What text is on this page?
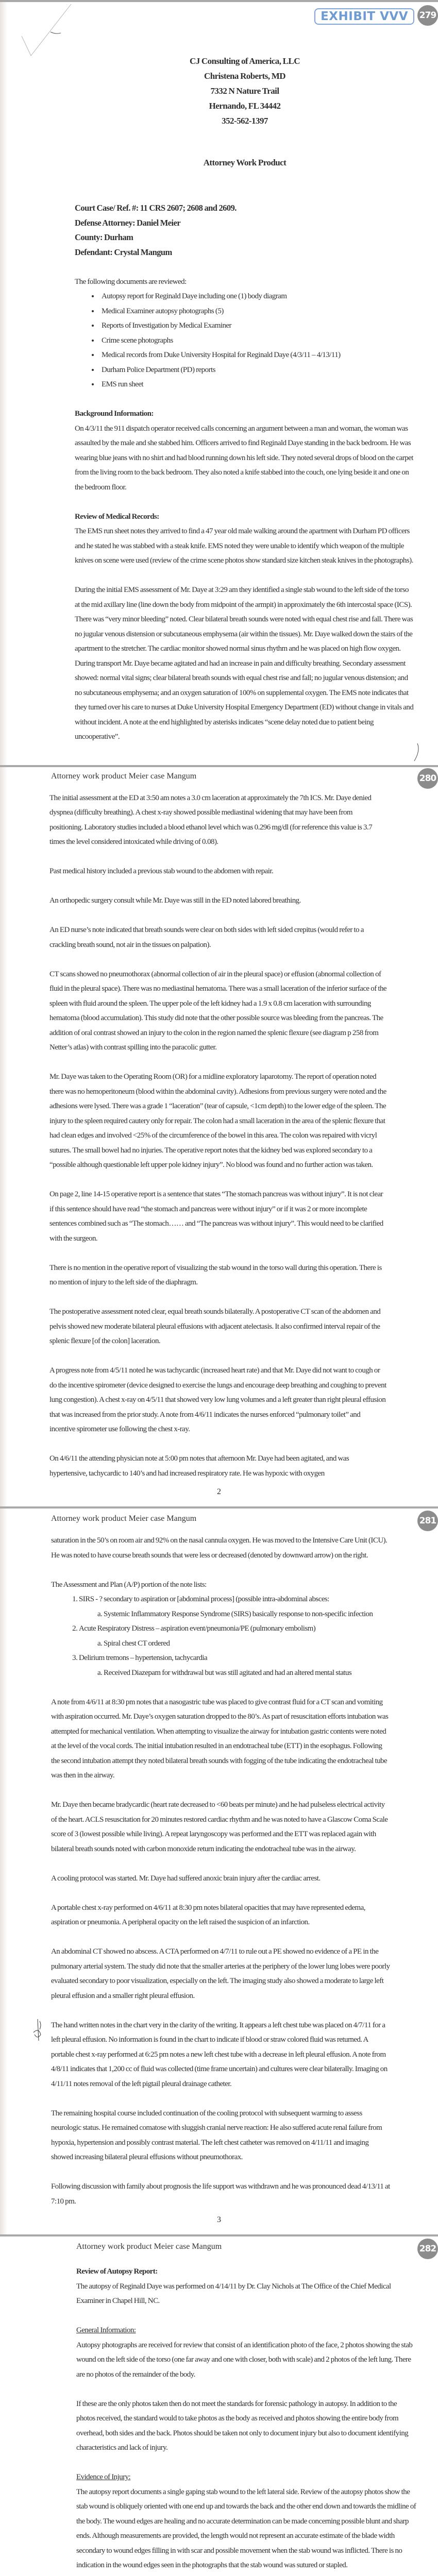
EXHIBIT VVV	279
CJ Consulting of America, LLC
Christena Roberts, MD
7332 N Nature Trail
Hernando, FL 34442
352-562-1397
Attorney Work Product
Court Case/ Ref. #: 11 CRS 2607; 2608 and 2609.
Defense Attorney: Daniel Meier
County: Durham
Defendant: Crystal Mangum
The following documents are reviewed:
• Autopsy report for Reginald Daye including one (1) body diagram
• Medical Examiner autopsy photographs (5)
• Reports of Investigation by Medical Examiner
• Crime scene photographs
• Medical records from Duke University Hospital for Reginald Daye (4/3/11 – 4/13/11)
• Durham Police Department (PD) reports
• EMS run sheet
Background Information:

On 4/3/11 the 911 dispatch operator received calls concerning an argument between a man and woman, the woman was assaulted by the male and she stabbed him. Officers arrived to find Reginald Daye standing in the back bedroom. He was wearing blue jeans with no shirt and had blood running down his left side. They noted several drops of blood on the carpet from the living room to the back bedroom. They also noted a knife stabbed into the couch, one lying beside it and one on the bedroom floor.

Review of Medical Records:

The EMS run sheet notes they arrived to find a 47 year old male walking around the apartment with Durham PD officers and he stated he was stabbed with a steak knife. EMS noted they were unable to identify which weapon of the multiple knives on scene were used (review of the crime scene photos show standard size kitchen steak knives in the photographs).

During the initial EMS assessment of Mr. Daye at 3:29 am they identified a single stab wound to the left side of the torso at the mid axillary line (line down the body from midpoint of the armpit) in approximately the 6th intercostal space (ICS). There was “very minor bleeding” noted. Clear bilateral breath sounds were noted with equal chest rise and fall. There was no jugular venous distension or subcutaneous emphysema (air within the tissues). Mr. Daye walked down the stairs of the apartment to the stretcher. The cardiac monitor showed normal sinus rhythm and he was placed on high flow oxygen. During transport Mr. Daye became agitated and had an increase in pain and difficulty breathing. Secondary assessment showed: normal vital signs; clear bilateral breath sounds with equal chest rise and fall; no jugular venous distension; and no subcutaneous emphysema; and an oxygen saturation of 100% on supplemental oxygen. The EMS note indicates that they turned over his care to nurses at Duke University Hospital Emergency Department (ED) without change in vitals and without incident. A note at the end highlighted by asterisks indicates “scene delay noted due to patient being uncooperative”.

280
Attorney work product Meier case Mangum

The initial assessment at the ED at 3:50 am notes a 3.0 cm laceration at approximately the 7th ICS. Mr. Daye denied dyspnea (difficulty breathing). A chest x-ray showed possible mediastinal widening that may have been from positioning. Laboratory studies included a blood ethanol level which was 0.296 mg/dl (for reference this value is 3.7 times the level considered intoxicated while driving of 0.08).

Past medical history included a previous stab wound to the abdomen with repair.

An orthopedic surgery consult while Mr. Daye was still in the ED noted labored breathing.

An ED nurse’s note indicated that breath sounds were clear on both sides with left sided crepitus (would refer to a crackling breath sound, not air in the tissues on palpation).

CT scans showed no pneumothorax (abnormal collection of air in the pleural space) or effusion (abnormal collection of fluid in the pleural space). There was no mediastinal hematoma. There was a small laceration of the inferior surface of the spleen with fluid around the spleen. The upper pole of the left kidney had a 1.9 x 0.8 cm laceration with surrounding hematoma (blood accumulation). This study did note that the other possible source was bleeding from the pancreas. The addition of oral contrast showed an injury to the colon in the region named the splenic flexure (see diagram p 258 from Netter’s atlas) with contrast spilling into the paracolic gutter.

Mr. Daye was taken to the Operating Room (OR) for a midline exploratory laparotomy. The report of operation noted there was no hemoperitoneum (blood within the abdominal cavity). Adhesions from previous surgery were noted and the adhesions were lysed. There was a grade 1 “laceration” (tear of capsule, <1cm depth) to the lower edge of the spleen. The injury to the spleen required cautery only for repair. The colon had a small laceration in the area of the splenic flexure that had clean edges and involved <25% of the circumference of the bowel in this area. The colon was repaired with vicryl sutures. The small bowel had no injuries. The operative report notes that the kidney bed was explored secondary to a “possible although questionable left upper pole kidney injury”. No blood was found and no further action was taken.

On page 2, line 14-15 operative report is a sentence that states “The stomach pancreas was without injury”. It is not clear if this sentence should have read “the stomach and pancreas were without injury” or if it was 2 or more incomplete sentences combined such as “The stomach…… and “The pancreas was without injury”. This would need to be clarified with the surgeon.

There is no mention in the operative report of visualizing the stab wound in the torso wall during this operation. There is no mention of injury to the left side of the diaphragm.

The postoperative assessment noted clear, equal breath sounds bilaterally. A postoperative CT scan of the abdomen and pelvis showed new moderate bilateral pleural effusions with adjacent atelectasis. It also confirmed interval repair of the splenic flexure [of the colon] laceration.

A progress note from 4/5/11 noted he was tachycardic (increased heart rate) and that Mr. Daye did not want to cough or do the incentive spirometer (device designed to exercise the lungs and encourage deep breathing and coughing to prevent lung congestion). A chest x-ray on 4/5/11 that showed very low lung volumes and a left greater than right pleural effusion that was increased from the prior study. A note from 4/6/11 indicates the nurses enforced “pulmonary toilet” and incentive spirometer use following the chest x-ray.

On 4/6/11 the attending physician note at 5:00 pm notes that afternoon Mr. Daye had been agitated, and was hypertensive, tachycardic to 140’s and had increased respiratory rate. He was hypoxic with oxygen

2
281
Attorney work product Meier case Mangum

saturation in the 50’s on room air and 92% on the nasal cannula oxygen. He was moved to the Intensive Care Unit (ICU). He was noted to have course breath sounds that were less or decreased (denoted by downward arrow) on the right.

The Assessment and Plan (A/P) portion of the note lists:
1. SIRS - ? secondary to aspiration or [abdominal process] (possible intra-abdominal absces:
a. Systemic Inflammatory Response Syndrome (SIRS) basically response to non-specific infection
2. Acute Respiratory Distress – aspiration event/pneumonia/PE (pulmonary embolism)
a. Spiral chest CT ordered
3. Delirium tremons – hypertension, tachycardia
a. Received Diazepam for withdrawal but was still agitated and had an altered mental status

A note from 4/6/11 at 8:30 pm notes that a nasogastric tube was placed to give contrast fluid for a CT scan and vomiting with aspiration occurred. Mr. Daye’s oxygen saturation dropped to the 80’s. As part of resuscitation efforts intubation was attempted for mechanical ventilation. When attempting to visualize the airway for intubation gastric contents were noted at the level of the vocal cords. The initial intubation resulted in an endotracheal tube (ETT) in the esophagus. Following the second intubation attempt they noted bilateral breath sounds with fogging of the tube indicating the endotracheal tube was then in the airway.

Mr. Daye then became bradycardic (heart rate decreased to <60 beats per minute) and he had pulseless electrical activity of the heart. ACLS resuscitation for 20 minutes restored cardiac rhythm and he was noted to have a Glascow Coma Scale score of 3 (lowest possible while living). A repeat laryngoscopy was performed and the ETT was replaced again with bilateral breath sounds noted with carbon monoxide return indicating the endotracheal tube was in the airway.

A cooling protocol was started. Mr. Daye had suffered anoxic brain injury after the cardiac arrest.

A portable chest x-ray performed on 4/6/11 at 8:30 pm notes bilateral opacities that may have represented edema, aspiration or pneumonia. A peripheral opacity on the left raised the suspicion of an infarction.

An abdominal CT showed no abscess. A CTA performed on 4/7/11 to rule out a PE showed no evidence of a PE in the pulmonary arterial system. The study did note that the smaller arteries at the periphery of the lower lung lobes were poorly evaluated secondary to poor visualization, especially on the left. The imaging study also showed a moderate to large left pleural effusion and a smaller right pleural effusion.

The hand written notes in the chart very in the clarity of the writing. It appears a left chest tube was placed on 4/7/11 for a left pleural effusion. No information is found in the chart to indicate if blood or straw colored fluid was returned. A portable chest x-ray performed at 6:25 pm notes a new left chest tube with a decrease in left pleural effusion. A note from 4/8/11 indicates that 1,200 cc of fluid was collected (time frame uncertain) and cultures were clear bilaterally. Imaging on 4/11/11 notes removal of the left pigtail pleural drainage catheter.

The remaining hospital course included continuation of the cooling protocol with subsequent warming to assess neurologic status. He remained comatose with sluggish cranial nerve reaction: He also suffered acute renal failure from hypoxia, hypertension and possibly contrast material. The left chest catheter was removed on 4/11/11 and imaging showed increasing bilateral pleural effusions without pneumothorax.

Following discussion with family about prognosis the life support was withdrawn and he was pronounced dead 4/13/11 at 7:10 pm.

3
282
Attorney work product Meier case Mangum
Review of Autopsy Report:

The autopsy of Reginald Daye was performed on 4/14/11 by Dr. Clay Nichols at The Office of the Chief Medical Examiner in Chapel Hill, NC.

General Information:

Autopsy photographs are received for review that consist of an identification photo of the face, 2 photos showing the stab wound on the left side of the torso (one far away and one with closer, both with scale) and 2 photos of the left lung. There are no photos of the remainder of the body.

If these are the only photos taken then do not meet the standards for forensic pathology in autopsy. In addition to the photos received, the standard would to take photos as the body as received and photos showing the entire body from overhead, both sides and the back. Photos should be taken not only to document injury but also to document identifying characteristics and lack of injury.

Evidence of Injury:

The autopsy report documents a single gaping stab wound to the left lateral side. Review of the autopsy photos show the stab wound is obliquely oriented with one end up and towards the back and the other end down and towards the midline of the body. The wound edges are healing and no accurate determination can be made concerning possible blunt and sharp ends. Although measurements are provided, the length would not represent an accurate estimate of the blade width secondary to wound edges filling in with scar and possible movement when the stab wound was inflicted. There is no indication in the wound edges seen in the photographs that the stab wound was sutured or stapled.
